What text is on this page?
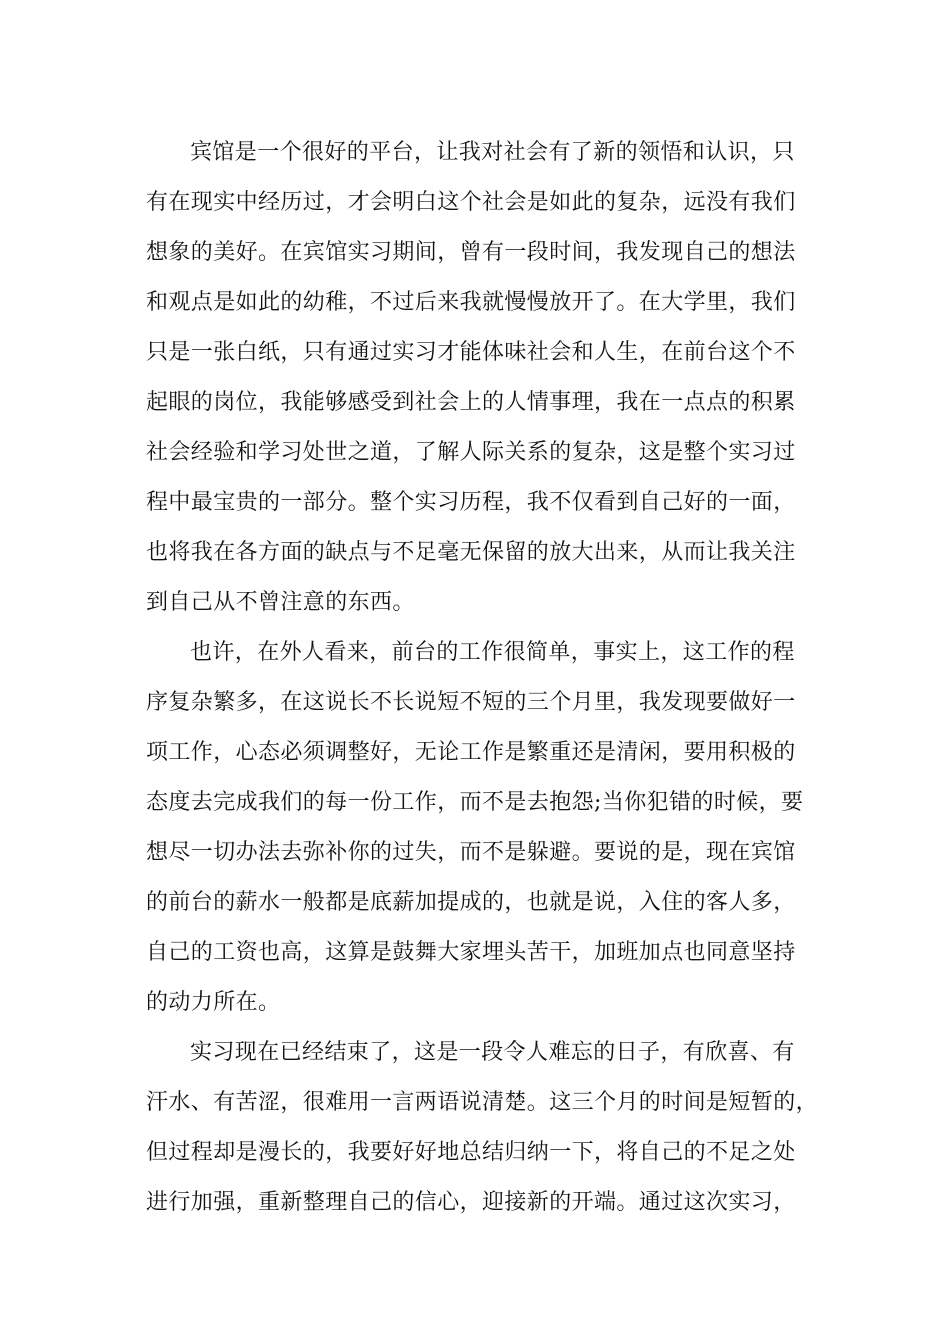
宾馆是一个很好的平台，让我对社会有了新的领悟和认识，只
有在现实中经历过，才会明白这个社会是如此的复杂，远没有我们
想象的美好。在宾馆实习期间，曾有一段时间，我发现自己的想法
和观点是如此的幼稚，不过后来我就慢慢放开了。在大学里，我们
只是一张白纸，只有通过实习才能体味社会和人生，在前台这个不
起眼的岗位，我能够感受到社会上的人情事理，我在一点点的积累
社会经验和学习处世之道，了解人际关系的复杂，这是整个实习过
程中最宝贵的一部分。整个实习历程，我不仅看到自己好的一面，
也将我在各方面的缺点与不足毫无保留的放大出来，从而让我关注
到自己从不曾注意的东西。
也许，在外人看来，前台的工作很简单，事实上，这工作的程
序复杂繁多，在这说长不长说短不短的三个月里，我发现要做好一
项工作，心态必须调整好，无论工作是繁重还是清闲，要用积极的
态度去完成我们的每一份工作，而不是去抱怨;当你犯错的时候，要
想尽一切办法去弥补你的过失，而不是躲避。要说的是，现在宾馆
的前台的薪水一般都是底薪加提成的，也就是说，入住的客人多，
自己的工资也高，这算是鼓舞大家埋头苦干，加班加点也同意坚持
的动力所在。
实习现在已经结束了，这是一段令人难忘的日子，有欣喜、有
汗水、有苦涩，很难用一言两语说清楚。这三个月的时间是短暂的，
但过程却是漫长的，我要好好地总结归纳一下，将自己的不足之处
进行加强，重新整理自己的信心，迎接新的开端。通过这次实习，
